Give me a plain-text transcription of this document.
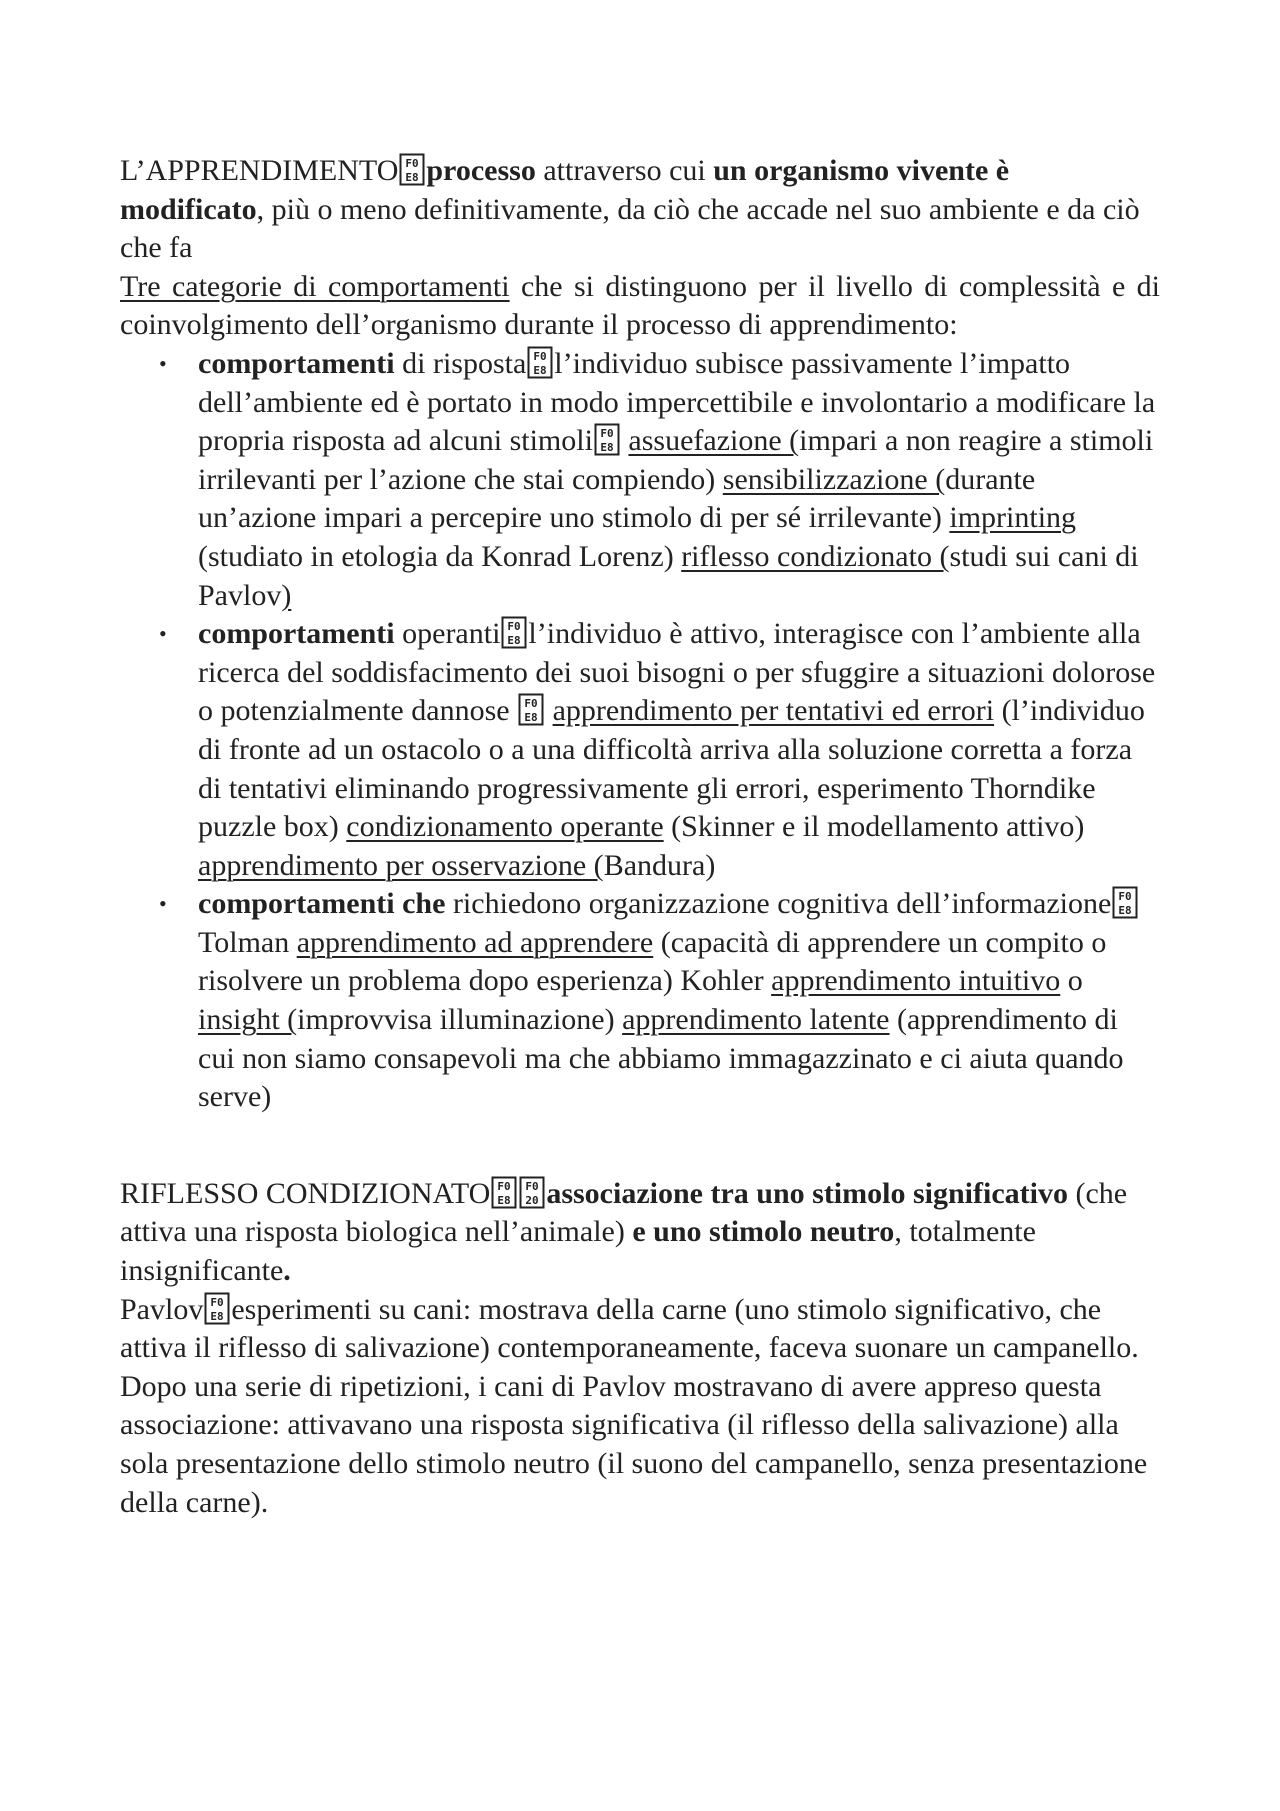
L’APPRENDIMENTO F0
E8 processo attraverso cui un organismo vivente è modificato, più o meno definitivamente, da ciò che accade nel suo ambiente e da ciò che fa

Tre categorie di comportamenti che si distinguono per il livello di complessità e di coinvolgimento dell’organismo durante il processo di apprendimento:

• comportamenti di risposta F0
E8 l’individuo subisce passivamente l’impatto dell’ambiente ed è portato in modo impercettibile e involontario a modificare la propria risposta ad alcuni stimoli F0
E8 assuefazione (impari a non reagire a stimoli irrilevanti per l’azione che stai compiendo) sensibilizzazione (durante un’azione impari a percepire uno stimolo di per sé irrilevante) imprinting (studiato in etologia da Konrad Lorenz) riflesso condizionato (studi sui cani di Pavlov)
• comportamenti operanti F0
E8 l’individuo è attivo, interagisce con l’ambiente alla ricerca del soddisfacimento dei suoi bisogni o per sfuggire a situazioni dolorose o potenzialmente dannose F0
E8 apprendimento per tentativi ed errori (l’individuo di fronte ad un ostacolo o a una difficoltà arriva alla soluzione corretta a forza di tentativi eliminando progressivamente gli errori, esperimento Thorndike puzzle box) condizionamento operante (Skinner e il modellamento attivo) apprendimento per osservazione (Bandura)
• comportamenti che richiedono organizzazione cognitiva dell’informazione F0
E8
Tolman apprendimento ad apprendere (capacità di apprendere un compito o risolvere un problema dopo esperienza) Kohler apprendimento intuitivo o insight (improvvisa illuminazione) apprendimento latente (apprendimento di cui non siamo consapevoli ma che abbiamo immagazzinato e ci aiuta quando serve)

RIFLESSO CONDIZIONATO F0
E8
F0
20 associazione tra uno stimolo significativo (che attiva una risposta biologica nell’animale) e uno stimolo neutro, totalmente insignificante.

Pavlov F0
E8 esperimenti su cani: mostrava della carne (uno stimolo significativo, che attiva il riflesso di salivazione) contemporaneamente, faceva suonare un campanello. Dopo una serie di ripetizioni, i cani di Pavlov mostravano di avere appreso questa associazione: attivavano una risposta significativa (il riflesso della salivazione) alla sola presentazione dello stimolo neutro (il suono del campanello, senza presentazione della carne).
